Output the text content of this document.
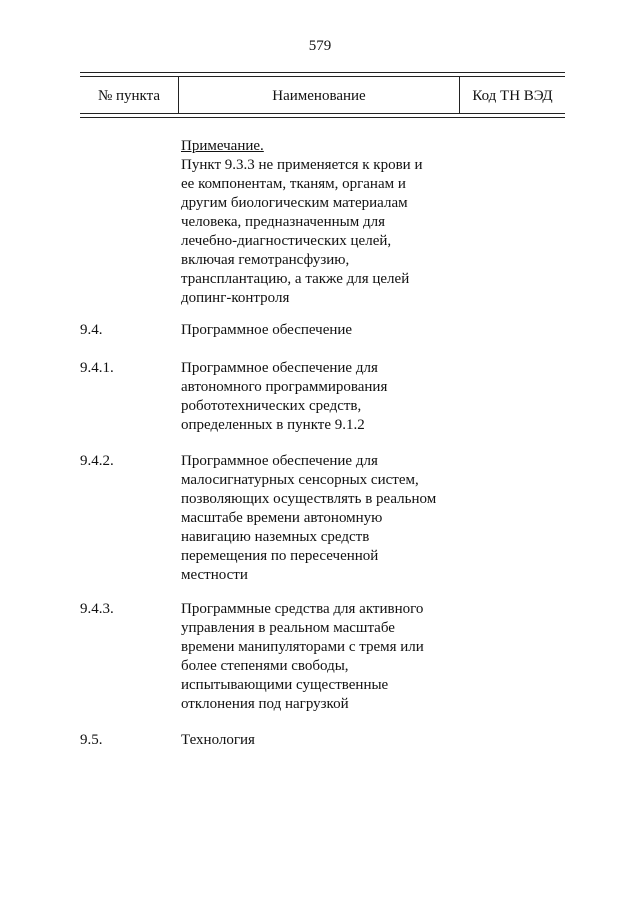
579
№ пункта	Наименование	Код ТН ВЭД
Примечание.
Пункт 9.3.3 не применяется к крови и
ее компонентам, тканям, органам и
другим биологическим материалам
человека, предназначенным для
лечебно-диагностических целей,
включая гемотрансфузию,
трансплантацию, а также для целей
допинг-контроля
9.4.	Программное обеспечение
9.4.1.	Программное обеспечение для
автономного программирования
робототехнических средств,
определенных в пункте 9.1.2
9.4.2.	Программное обеспечение для
малосигнатурных сенсорных систем,
позволяющих осуществлять в реальном
масштабе времени автономную
навигацию наземных средств
перемещения по пересеченной
местности
9.4.3.	Программные средства для активного
управления в реальном масштабе
времени манипуляторами с тремя или
более степенями свободы,
испытывающими существенные
отклонения под нагрузкой
9.5.	Технология
